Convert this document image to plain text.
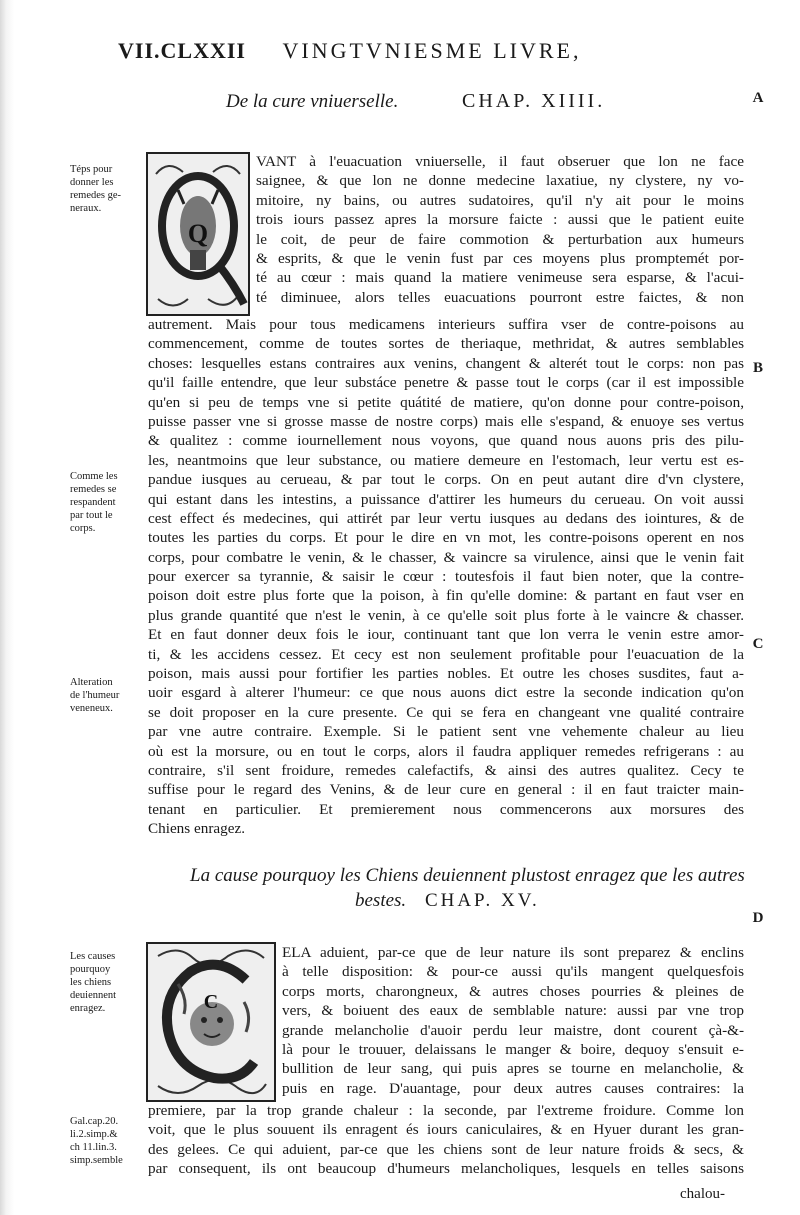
VII.CLXXII VINGTVNIESME LIVRE,
A
B
C
D
De la cure vniuerselle.	CHAP. XIIII.
Téps pour
donner les
remedes ge-
neraux.
Comme les
remedes se
respandent
par tout le
corps.
Alteration
de l'humeur
veneneux.
Les causes
pourquoy
les chiens
deuiennent
enragez.
Gal.cap.20.
li.2.simp.&
ch 11.lin.3.
simp.semble
Q
VANT à l'euacuation vniuerselle, il faut obseruer que lon ne face
saignee, & que lon ne donne medecine laxatiue, ny clystere, ny vo-
mitoire, ny bains, ou autres sudatoires, qu'il n'y ait pour le moins
trois iours passez apres la morsure faicte : aussi que le patient euite
le coit, de peur de faire commotion & perturbation aux humeurs
& esprits, & que le venin fust par ces moyens plus promptemét por-
té au cœur : mais quand la matiere venimeuse sera esparse, & l'acui-
té diminuee, alors telles euacuations pourront estre faictes, & non
autrement. Mais pour tous medicamens interieurs suffira vser de contre-poisons au
commencement, comme de toutes sortes de theriaque, methridat, & autres semblables
choses: lesquelles estans contraires aux venins, changent & alterét tout le corps: non pas
qu'il faille entendre, que leur substáce penetre & passe tout le corps (car il est impossible
qu'en si peu de temps vne si petite quátité de matiere, qu'on donne pour contre-poison,
puisse passer vne si grosse masse de nostre corps) mais elle s'espand, & enuoye ses vertus
& qualitez : comme iournellement nous voyons, que quand nous auons pris des pilu-
les, neantmoins que leur substance, ou matiere demeure en l'estomach, leur vertu est es-
pandue iusques au cerueau, & par tout le corps. On en peut autant dire d'vn clystere,
qui estant dans les intestins, a puissance d'attirer les humeurs du cerueau. On voit aussi
cest effect és medecines, qui attirét par leur vertu iusques au dedans des iointures, & de
toutes les parties du corps. Et pour le dire en vn mot, les contre-poisons operent en nos
corps, pour combatre le venin, & le chasser, & vaincre sa virulence, ainsi que le venin fait
pour exercer sa tyrannie, & saisir le cœur : toutesfois il faut bien noter, que la contre-
poison doit estre plus forte que la poison, à fin qu'elle domine: & partant en faut vser en
plus grande quantité que n'est le venin, à ce qu'elle soit plus forte à le vaincre & chasser.
Et en faut donner deux fois le iour, continuant tant que lon verra le venin estre amor-
ti, & les accidens cessez. Et cecy est non seulement profitable pour l'euacuation de la
poison, mais aussi pour fortifier les parties nobles. Et outre les choses susdites, faut a-
uoir esgard à alterer l'humeur: ce que nous auons dict estre la seconde indication qu'on
se doit proposer en la cure presente. Ce qui se fera en changeant vne qualité contraire
par vne autre contraire. Exemple. Si le patient sent vne vehemente chaleur au lieu
où est la morsure, ou en tout le corps, alors il faudra appliquer remedes refrigerans : au
contraire, s'il sent froidure, remedes calefactifs, & ainsi des autres qualitez. Cecy te
suffise pour le regard des Venins, & de leur cure en general : il en faut traicter main-
tenant en particulier. Et premierement nous commencerons aux morsures des
Chiens enragez.
La cause pourquoy les Chiens deuiennent plustost enragez que les autres
bestes. CHAP. XV.
C
ELA aduient, par-ce que de leur nature ils sont preparez & enclins
à telle disposition: & pour-ce aussi qu'ils mangent quelquesfois
corps morts, charongneux, & autres choses pourries & pleines de
vers, & boiuent des eaux de semblable nature: aussi par vne trop
grande melancholie d'auoir perdu leur maistre, dont courent çà-&-
là pour le trouuer, delaissans le manger & boire, dequoy s'ensuit e-
bullition de leur sang, qui puis apres se tourne en melancholie, &
puis en rage. D'auantage, pour deux autres causes contraires: la
premiere, par la trop grande chaleur : la seconde, par l'extreme froidure. Comme lon
voit, que le plus souuent ils enragent és iours caniculaires, & en Hyuer durant les gran-
des gelees. Ce qui aduient, par-ce que les chiens sont de leur nature froids & secs, &
par consequent, ils ont beaucoup d'humeurs melancholiques, lesquels en telles saisons
chalou-
